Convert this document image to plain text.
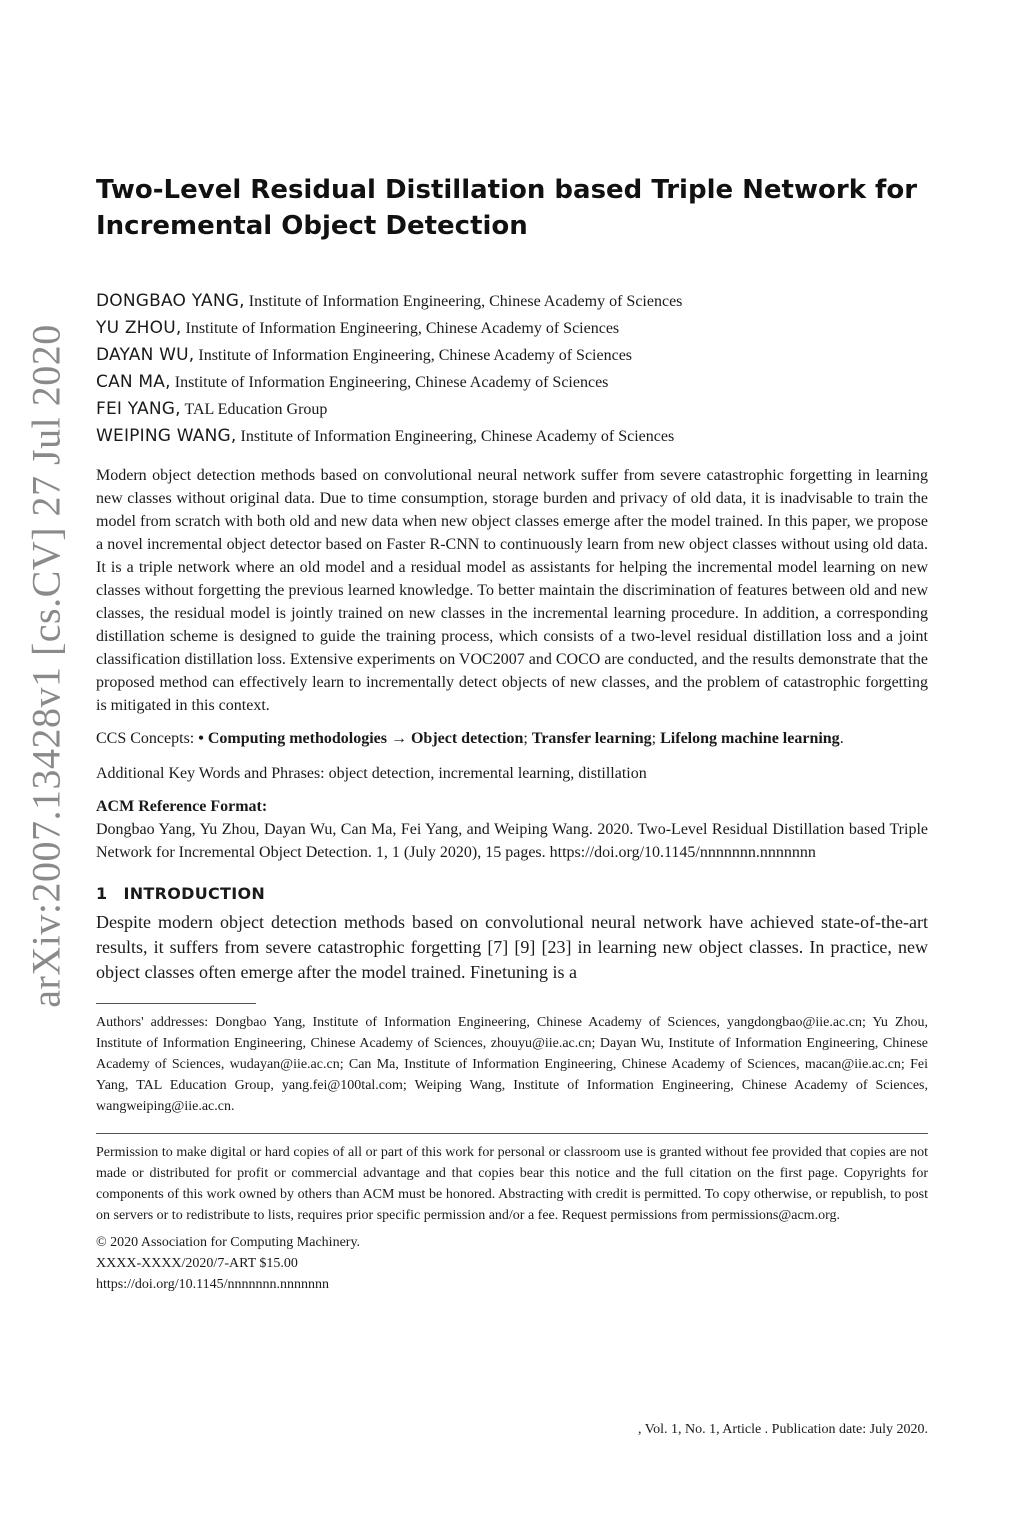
arXiv:2007.13428v1 [cs.CV] 27 Jul 2020
Two-Level Residual Distillation based Triple Network for Incremental Object Detection
DONGBAO YANG, Institute of Information Engineering, Chinese Academy of Sciences
YU ZHOU, Institute of Information Engineering, Chinese Academy of Sciences
DAYAN WU, Institute of Information Engineering, Chinese Academy of Sciences
CAN MA, Institute of Information Engineering, Chinese Academy of Sciences
FEI YANG, TAL Education Group
WEIPING WANG, Institute of Information Engineering, Chinese Academy of Sciences

Modern object detection methods based on convolutional neural network suffer from severe catastrophic forgetting in learning new classes without original data. Due to time consumption, storage burden and privacy of old data, it is inadvisable to train the model from scratch with both old and new data when new object classes emerge after the model trained. In this paper, we propose a novel incremental object detector based on Faster R-CNN to continuously learn from new object classes without using old data. It is a triple network where an old model and a residual model as assistants for helping the incremental model learning on new classes without forgetting the previous learned knowledge. To better maintain the discrimination of features between old and new classes, the residual model is jointly trained on new classes in the incremental learning procedure. In addition, a corresponding distillation scheme is designed to guide the training process, which consists of a two-level residual distillation loss and a joint classification distillation loss. Extensive experiments on VOC2007 and COCO are conducted, and the results demonstrate that the proposed method can effectively learn to incrementally detect objects of new classes, and the problem of catastrophic forgetting is mitigated in this context.

CCS Concepts: • Computing methodologies → Object detection; Transfer learning; Lifelong machine learning.
Additional Key Words and Phrases: object detection, incremental learning, distillation
ACM Reference Format:
Dongbao Yang, Yu Zhou, Dayan Wu, Can Ma, Fei Yang, and Weiping Wang. 2020. Two-Level Residual Distillation based Triple Network for Incremental Object Detection. 1, 1 (July 2020), 15 pages. https://doi.org/10.1145/nnnnnnn.nnnnnnn
1 INTRODUCTION

Despite modern object detection methods based on convolutional neural network have achieved state-of-the-art results, it suffers from severe catastrophic forgetting [7] [9] [23] in learning new object classes. In practice, new object classes often emerge after the model trained. Finetuning is a

Authors' addresses: Dongbao Yang, Institute of Information Engineering, Chinese Academy of Sciences, yangdongbao@iie.ac.cn; Yu Zhou, Institute of Information Engineering, Chinese Academy of Sciences, zhouyu@iie.ac.cn; Dayan Wu, Institute of Information Engineering, Chinese Academy of Sciences, wudayan@iie.ac.cn; Can Ma, Institute of Information Engineering, Chinese Academy of Sciences, macan@iie.ac.cn; Fei Yang, TAL Education Group, yang.fei@100tal.com; Weiping Wang, Institute of Information Engineering, Chinese Academy of Sciences, wangweiping@iie.ac.cn.
Permission to make digital or hard copies of all or part of this work for personal or classroom use is granted without fee provided that copies are not made or distributed for profit or commercial advantage and that copies bear this notice and the full citation on the first page. Copyrights for components of this work owned by others than ACM must be honored. Abstracting with credit is permitted. To copy otherwise, or republish, to post on servers or to redistribute to lists, requires prior specific permission and/or a fee. Request permissions from permissions@acm.org.
© 2020 Association for Computing Machinery.
XXXX-XXXX/2020/7-ART $15.00
https://doi.org/10.1145/nnnnnnn.nnnnnnn
, Vol. 1, No. 1, Article . Publication date: July 2020.
